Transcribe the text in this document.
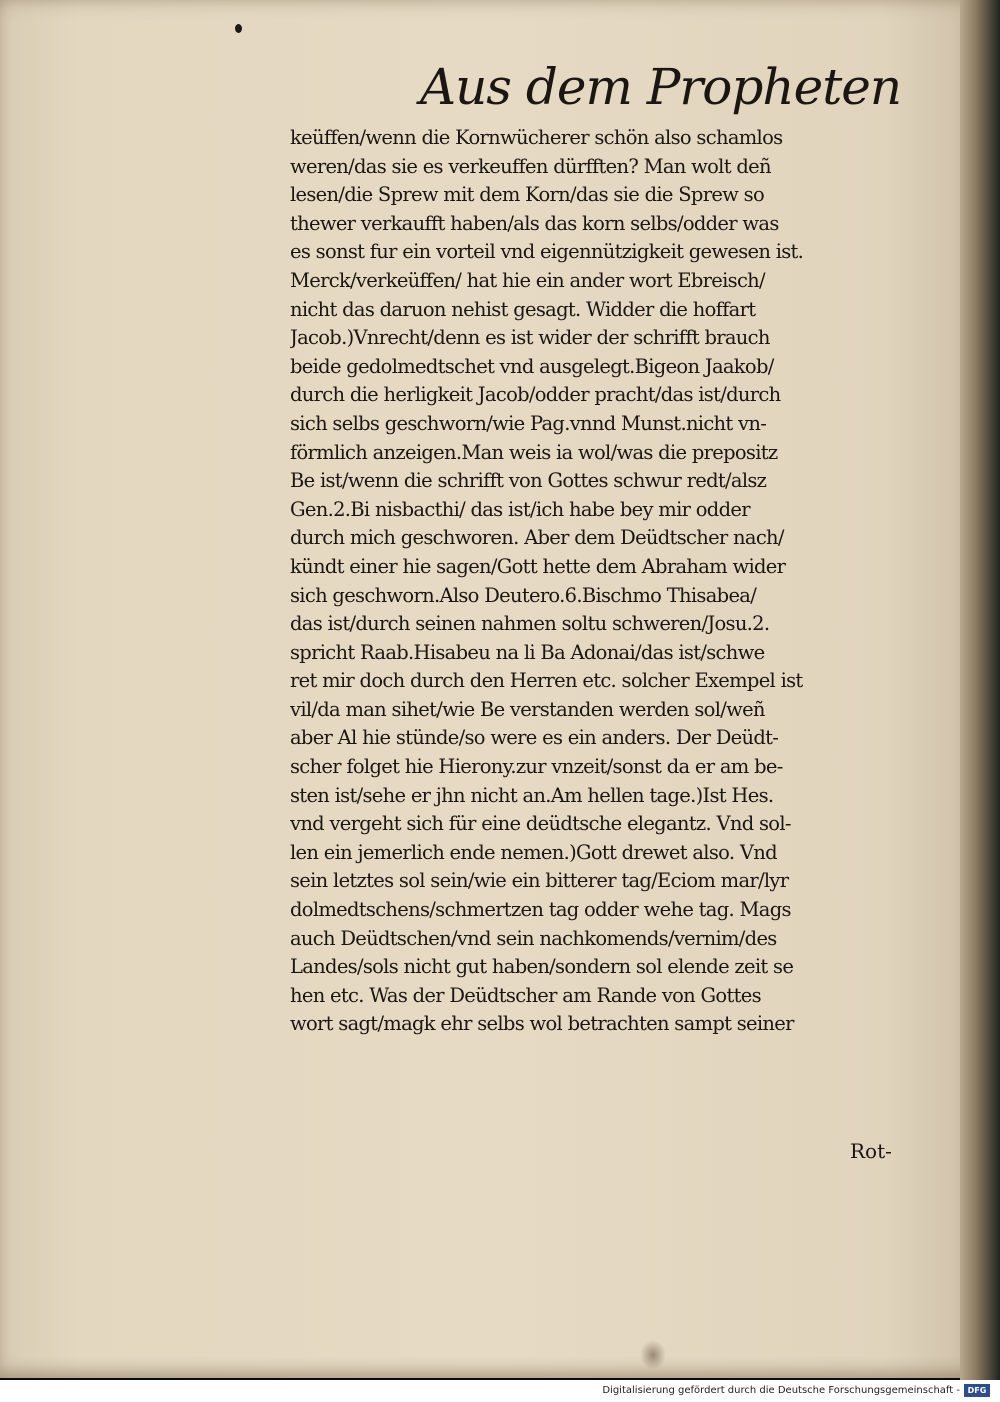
Aus dem Propheten
keüffen/wenn die Kornwücherer schön also schamlos
weren/das sie es verkeuffen dürfften? Man wolt deñ
lesen/die Sprew mit dem Korn/das sie die Sprew so
thewer verkaufft haben/als das korn selbs/odder was
es sonst fur ein vorteil vnd eigennützigkeit gewesen ist.
Merck/verkeüffen/ hat hie ein ander wort Ebreisch/
nicht das daruon nehist gesagt. Widder die hoffart
Jacob.)Vnrecht/denn es ist wider der schrifft brauch
beide gedolmedtschet vnd ausgelegt.Bigeon Jaakob/
durch die herligkeit Jacob/odder pracht/das ist/durch
sich selbs geschworn/wie Pag.vnnd Munst.nicht vn-
förmlich anzeigen.Man weis ia wol/was die prepositz
Be ist/wenn die schrifft von Gottes schwur redt/alsz
Gen.2.Bi nisbacthi/ das ist/ich habe bey mir odder
durch mich geschworen. Aber dem Deüdtscher nach/
kündt einer hie sagen/Gott hette dem Abraham wider
sich geschworn.Also Deutero.6.Bischmo Thisabea/
das ist/durch seinen nahmen soltu schweren/Josu.2.
spricht Raab.Hisabeu na li Ba Adonai/das ist/schwe
ret mir doch durch den Herren etc. solcher Exempel ist
vil/da man sihet/wie Be verstanden werden sol/weñ
aber Al hie stünde/so were es ein anders. Der Deüdt-
scher folget hie Hierony.zur vnzeit/sonst da er am be-
sten ist/sehe er jhn nicht an.Am hellen tage.)Ist Hes.
vnd vergeht sich für eine deüdtsche elegantz. Vnd sol-
len ein jemerlich ende nemen.)Gott drewet also. Vnd
sein letztes sol sein/wie ein bitterer tag/Eciom mar/lyr
dolmedtschens/schmertzen tag odder wehe tag. Mags
auch Deüdtschen/vnd sein nachkomends/vernim/des
Landes/sols nicht gut haben/sondern sol elende zeit se
hen etc. Was der Deüdtscher am Rande von Gottes
wort sagt/magk ehr selbs wol betrachten sampt seiner
Rot-
Digitalisierung gefördert durch die Deutsche Forschungsgemeinschaft - DFG
